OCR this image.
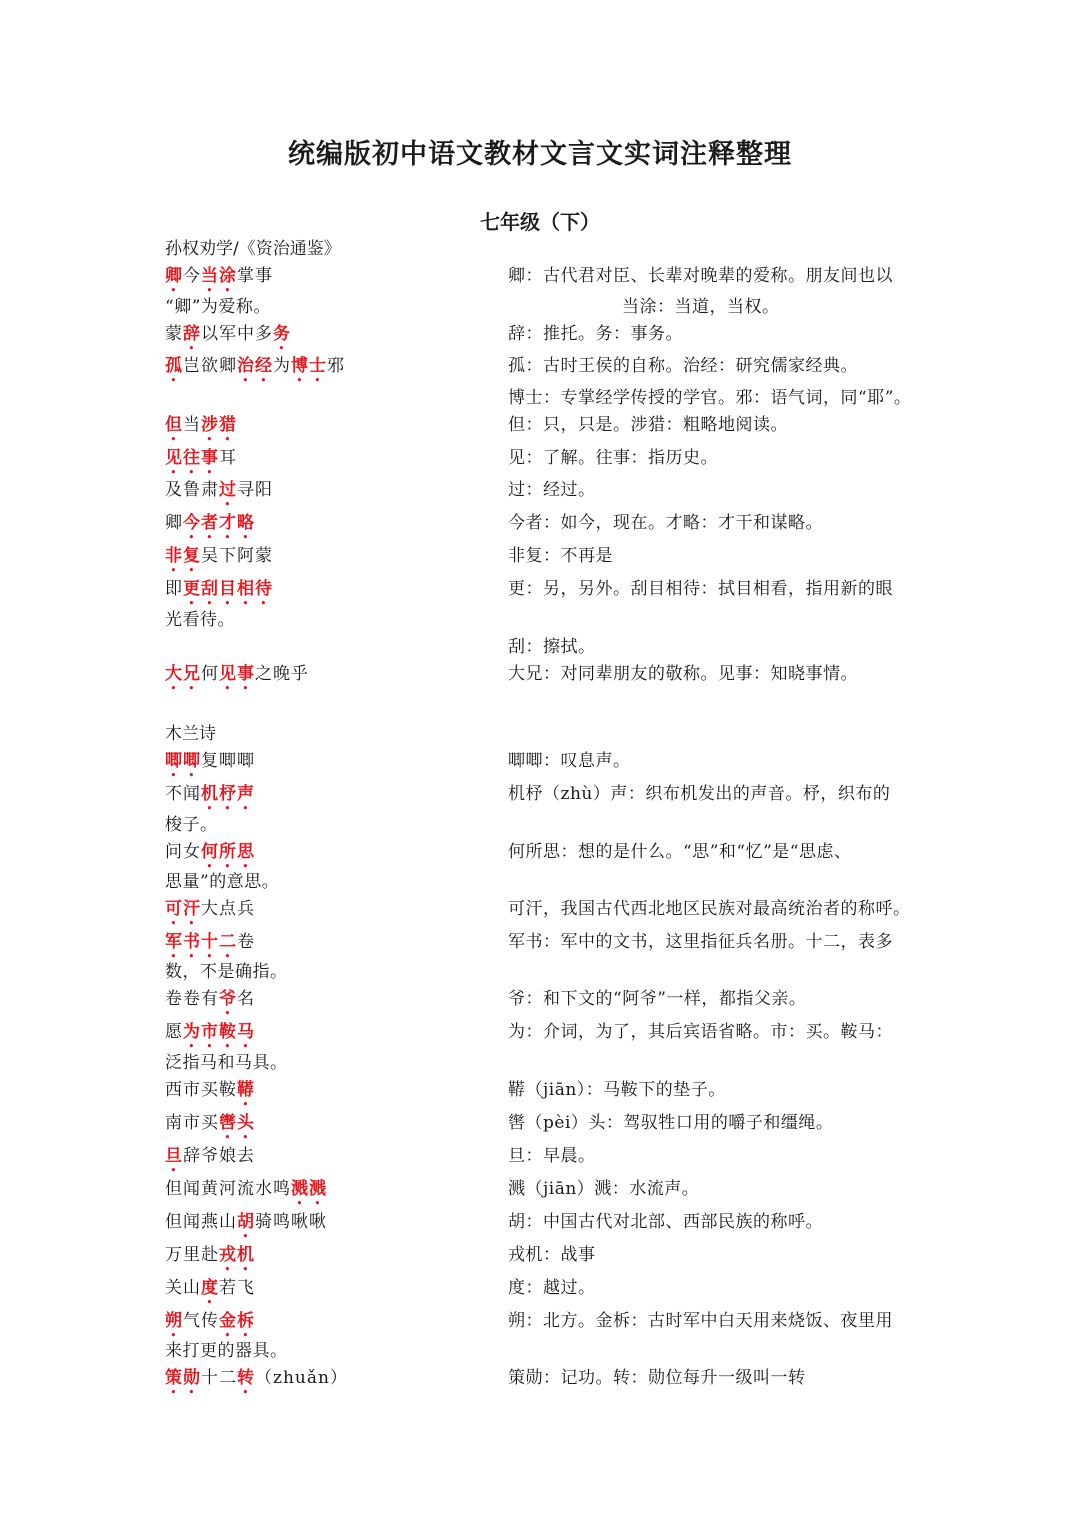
统编版初中语文教材文言文实词注释整理
七年级（下）
孙权劝学/《资治通鉴》
卿今当涂掌事	卿：古代君对臣、长辈对晚辈的爱称。朋友间也以
“卿”为爱称。	当涂：当道，当权。
蒙辞以军中多务	辞：推托。务：事务。
孤岂欲卿治经为博士邪	孤：古时王侯的自称。治经：研究儒家经典。
博士：专掌经学传授的学官。邪：语气词，同“耶”。
但当涉猎	但：只，只是。涉猎：粗略地阅读。
见往事耳	见：了解。往事：指历史。
及鲁肃过寻阳	过：经过。
卿今者才略	今者：如今，现在。才略：才干和谋略。
非复吴下阿蒙	非复：不再是
即更刮目相待	更：另，另外。刮目相待：拭目相看，指用新的眼
光看待。
刮：擦拭。
大兄何见事之晚乎	大兄：对同辈朋友的敬称。见事：知晓事情。
木兰诗
唧唧复唧唧	唧唧：叹息声。
不闻机杼声	机杼（zhù）声：织布机发出的声音。杼，织布的
梭子。
问女何所思	何所思：想的是什么。“思”和“忆”是“思虑、
思量”的意思。
可汗大点兵	可汗，我国古代西北地区民族对最高统治者的称呼。
军书十二卷	军书：军中的文书，这里指征兵名册。十二，表多
数，不是确指。
卷卷有爷名	爷：和下文的“阿爷”一样，都指父亲。
愿为市鞍马	为：介词，为了，其后宾语省略。市：买。鞍马：
泛指马和马具。
西市买鞍鞯	鞯（jiān）：马鞍下的垫子。
南市买辔头	辔（pèi）头：驾驭牲口用的嚼子和缰绳。
旦辞爷娘去	旦：早晨。
但闻黄河流水鸣溅溅	溅（jiān）溅：水流声。
但闻燕山胡骑鸣啾啾	胡：中国古代对北部、西部民族的称呼。
万里赴戎机	戎机：战事
关山度若飞	度：越过。
朔气传金柝	朔：北方。金柝：古时军中白天用来烧饭、夜里用
来打更的器具。
策勋十二转（zhuǎn）	策勋：记功。转：勋位每升一级叫一转
